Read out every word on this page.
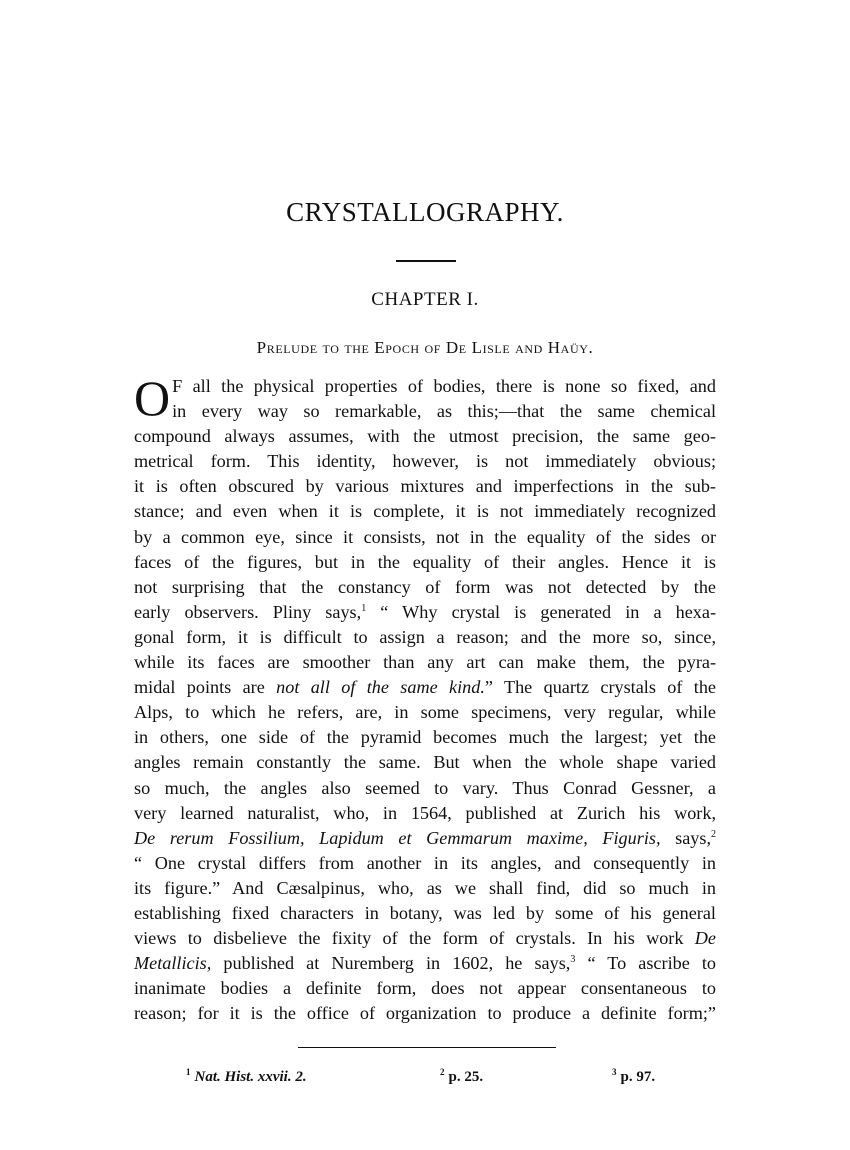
CRYSTALLOGRAPHY.
CHAPTER I.
Prelude to the Epoch of De Lisle and Haüy.
O F all the physical properties of bodies, there is none so fixed, and
in every way so remarkable, as this;—that the same chemical
compound always assumes, with the utmost precision, the same geo-
metrical form. This identity, however, is not immediately obvious;
it is often obscured by various mixtures and imperfections in the sub-
stance; and even when it is complete, it is not immediately recognized
by a common eye, since it consists, not in the equality of the sides or
faces of the figures, but in the equality of their angles. Hence it is
not surprising that the constancy of form was not detected by the
early observers. Pliny says,$^1$ “ Why crystal is generated in a hexa-
gonal form, it is difficult to assign a reason; and the more so, since,
while its faces are smoother than any art can make them, the pyra-
midal points are not all of the same kind.” The quartz crystals of the
Alps, to which he refers, are, in some specimens, very regular, while
in others, one side of the pyramid becomes much the largest; yet the
angles remain constantly the same. But when the whole shape varied
so much, the angles also seemed to vary. Thus Conrad Gessner, a
very learned naturalist, who, in 1564, published at Zurich his work,
De rerum Fossilium, Lapidum et Gemmarum maxime, Figuris, says,$^2$
“ One crystal differs from another in its angles, and consequently in
its figure.” And Cæsalpinus, who, as we shall find, did so much in
establishing fixed characters in botany, was led by some of his general
views to disbelieve the fixity of the form of crystals. In his work De
Metallicis, published at Nuremberg in 1602, he says,$^3$ “ To ascribe to
inanimate bodies a definite form, does not appear consentaneous to
reason; for it is the office of organization to produce a definite form;”
$^1$ Nat. Hist. xxvii. 2.	$^2$ p. 25.	$^3$ p. 97.
